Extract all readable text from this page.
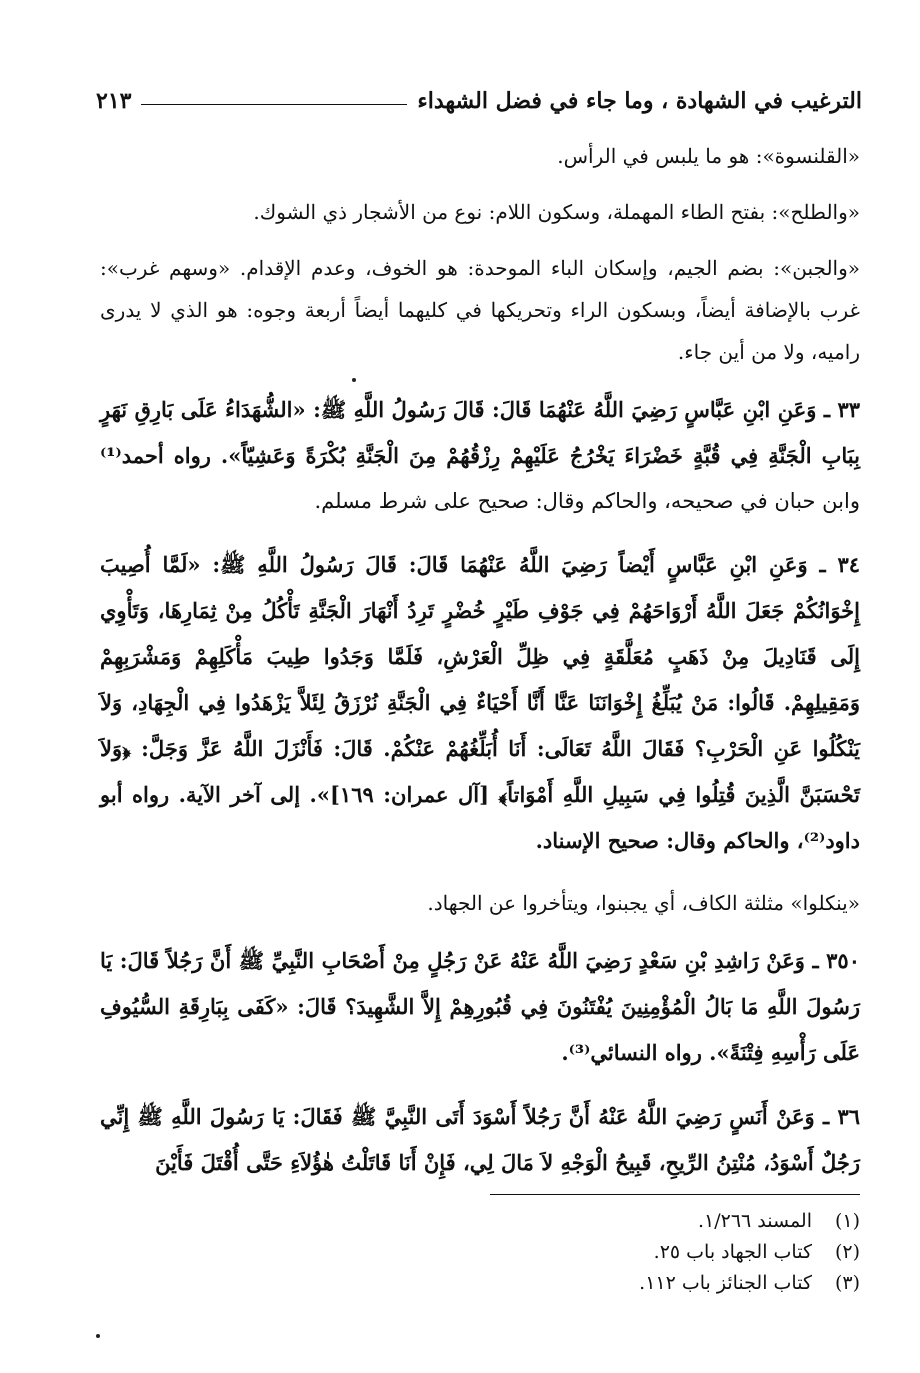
الترغيب في الشهادة ، وما جاء في فضل الشهداء
٢١٣

«القلنسوة»: هو ما يلبس في الرأس.

«والطلح»: بفتح الطاء المهملة، وسكون اللام: نوع من الأشجار ذي الشوك.

«والجبن»: بضم الجيم، وإسكان الباء الموحدة: هو الخوف، وعدم الإقدام. «وسهم غرب»: غرب بالإضافة أيضاً، وبسكون الراء وتحريكها في كليهما أيضاً أربعة وجوه: هو الذي لا يدرى راميه، ولا من أين جاء.

٣٣ ـ وَعَنِ ابْنِ عَبَّاسٍ رَضِيَ اللَّهُ عَنْهُمَا قَالَ: قَالَ رَسُولُ اللَّهِ ﷺ: «الشُّهَدَاءُ عَلَى بَارِقِ نَهَرٍ بِبَابِ الْجَنَّةِ فِي قُبَّةٍ خَضْرَاءَ يَخْرُجُ عَلَيْهِمْ رِزْقُهُمْ مِنَ الْجَنَّةِ بُكْرَةً وَعَشِيّاً». رواه أحمد⁽¹⁾ وابن حبان في صحيحه، والحاكم وقال: صحيح على شرط مسلم.

٣٤ ـ وَعَنِ ابْنِ عَبَّاسٍ أَيْضاً رَضِيَ اللَّهُ عَنْهُمَا قَالَ: قَالَ رَسُولُ اللَّهِ ﷺ: «لَمَّا أُصِيبَ إِخْوَانُكُمْ جَعَلَ اللَّهُ أَرْوَاحَهُمْ فِي جَوْفِ طَيْرٍ خُضْرٍ تَرِدُ أَنْهَارَ الْجَنَّةِ تَأْكُلُ مِنْ ثِمَارِهَا، وَتَأْوِي إِلَى قَنَادِيلَ مِنْ ذَهَبٍ مُعَلَّقَةٍ فِي ظِلِّ الْعَرْشِ، فَلَمَّا وَجَدُوا طِيبَ مَأْكَلِهِمْ وَمَشْرَبِهِمْ وَمَقِيلِهِمْ. قَالُوا: مَنْ يُبَلِّغُ إِخْوَانَنَا عَنَّا أَنَّا أَحْيَاءٌ فِي الْجَنَّةِ نُرْزَقُ لِئَلاَّ يَزْهَدُوا فِي الْجِهَادِ، وَلاَ يَنْكُلُوا عَنِ الْحَرْبِ؟ فَقَالَ اللَّهُ تَعَالَى: أَنَا أُبَلِّغُهُمْ عَنْكُمْ. قَالَ: فَأَنْزَلَ اللَّهُ عَزَّ وَجَلَّ: ﴿وَلاَ تَحْسَبَنَّ الَّذِينَ قُتِلُوا فِي سَبِيلِ اللَّهِ أَمْوَاتاً﴾ [آل عمران: ١٦٩]». إلى آخر الآية. رواه أبو داود⁽²⁾، والحاكم وقال: صحيح الإسناد.

«ينكلوا» مثلثة الكاف، أي يجبنوا، ويتأخروا عن الجهاد.

٣٥٠ ـ وَعَنْ رَاشِدِ بْنِ سَعْدٍ رَضِيَ اللَّهُ عَنْهُ عَنْ رَجُلٍ مِنْ أَصْحَابِ النَّبِيِّ ﷺ أَنَّ رَجُلاً قَالَ: يَا رَسُولَ اللَّهِ مَا بَالُ الْمُؤْمِنِينَ يُفْتَنُونَ فِي قُبُورِهِمْ إِلاَّ الشَّهِيدَ؟ قَالَ: «كَفَى بِبَارِقَةِ السُّيُوفِ عَلَى رَأْسِهِ فِتْنَةً». رواه النسائي⁽³⁾.

٣٦ ـ وَعَنْ أَنَسٍ رَضِيَ اللَّهُ عَنْهُ أَنَّ رَجُلاً أَسْوَدَ أَتَى النَّبِيَّ ﷺ فَقَالَ: يَا رَسُولَ اللَّهِ ﷺ إِنِّي رَجُلٌ أَسْوَدُ، مُنْتِنُ الرِّيحِ، قَبِيحُ الْوَجْهِ لاَ مَالَ لِي، فَإِنْ أَنَا قَاتَلْتُ هٰؤُلاَءِ حَتَّى أُقْتَلَ فَأَيْنَ

(١)
المسند ١/٢٦٦.
(٢)
كتاب الجهاد باب ٢٥.
(٣)
كتاب الجنائز باب ١١٢.
